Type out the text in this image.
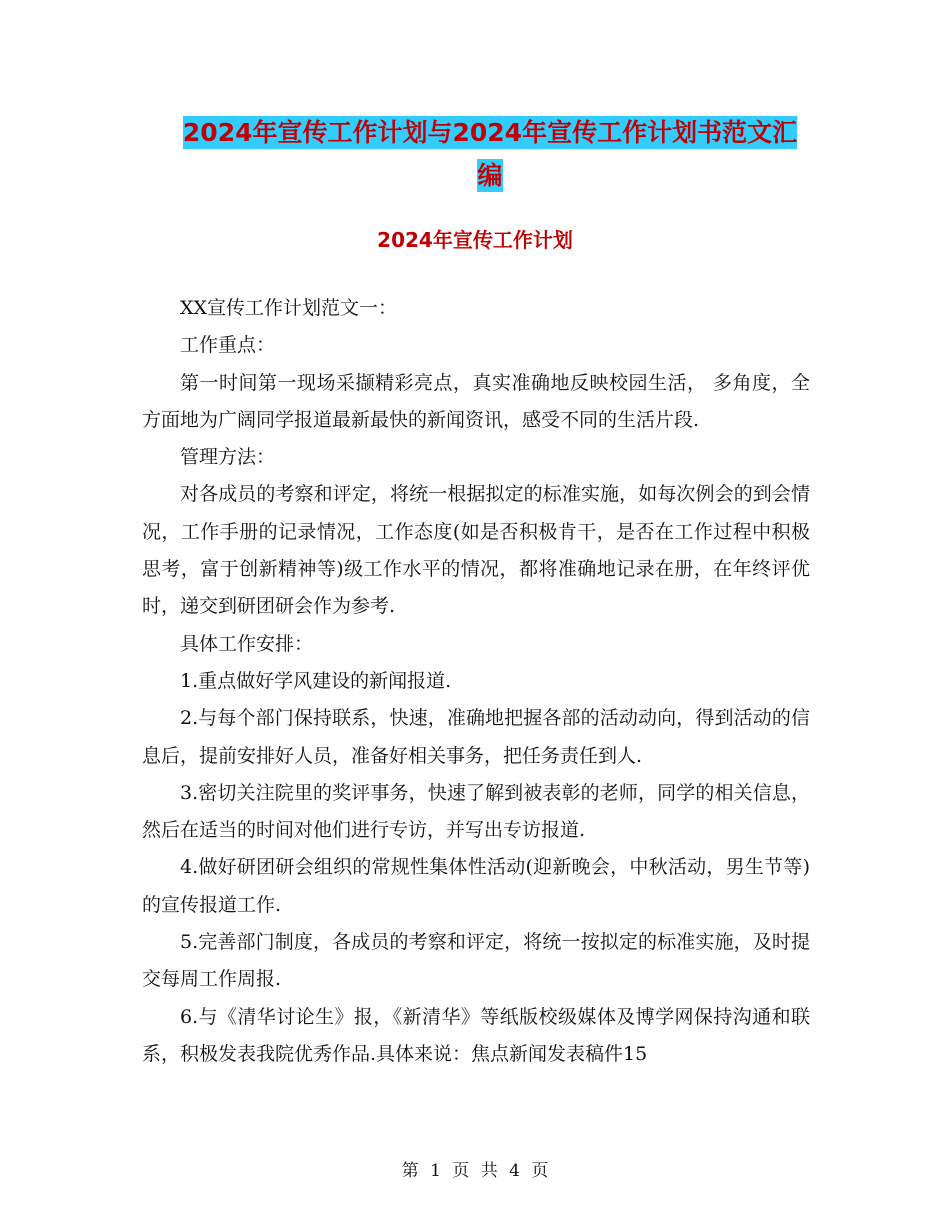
2024年宣传工作计划与2024年宣传工作计划书范文汇
编
2024年宣传工作计划

XX宣传工作计划范文一：

工作重点：

第一时间第一现场采撷精彩亮点，真实准确地反映校园生活， 多角度，全方面地为广阔同学报道最新最快的新闻资讯，感受不同的生活片段.

管理方法：

对各成员的考察和评定，将统一根据拟定的标准实施，如每次例会的到会情况，工作手册的记录情况，工作态度(如是否积极肯干，是否在工作过程中积极思考，富于创新精神等)级工作水平的情况，都将准确地记录在册，在年终评优时，递交到研团研会作为参考.

具体工作安排：

1.重点做好学风建设的新闻报道.

2.与每个部门保持联系，快速，准确地把握各部的活动动向，得到活动的信息后，提前安排好人员，准备好相关事务，把任务责任到人.

3.密切关注院里的奖评事务，快速了解到被表彰的老师，同学的相关信息，然后在适当的时间对他们进行专访，并写出专访报道.

4.做好研团研会组织的常规性集体性活动(迎新晚会，中秋活动，男生节等)的宣传报道工作.

5.完善部门制度，各成员的考察和评定，将统一按拟定的标准实施，及时提交每周工作周报.

6.与《清华讨论生》报，《新清华》等纸版校级媒体及博学网保持沟通和联系，积极发表我院优秀作品.具体来说：焦点新闻发表稿件15

第 1 页 共 4 页
